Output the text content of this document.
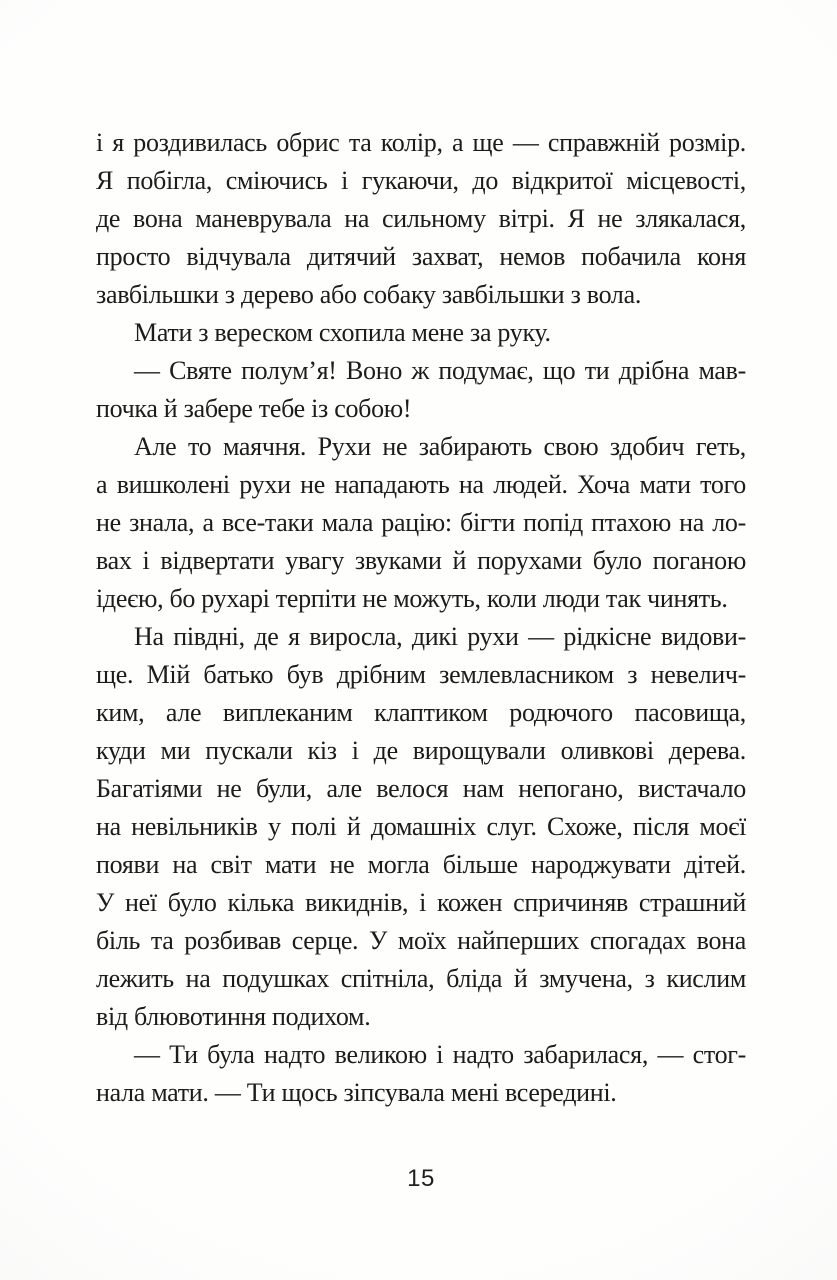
і я роздивилась обрис та колір, а ще — справжній розмір.
Я побігла, сміючись і гукаючи, до відкритої місцевості,
де вона маневрувала на сильному вітрі. Я не злякалася,
просто відчувала дитячий захват, немов побачила коня
завбільшки з дерево або собаку завбільшки з вола.
Мати з вереском схопила мене за руку.
— Святе полум’я! Воно ж подумає, що ти дрібна мав-
почка й забере тебе із собою!
Але то маячня. Рухи не забирають свою здобич геть,
а вишколені рухи не нападають на людей. Хоча мати того
не знала, а все-таки мала рацію: бігти попід птахою на ло-
вах і відвертати увагу звуками й порухами було поганою
ідеєю, бо рухарі терпіти не можуть, коли люди так чинять.
На півдні, де я виросла, дикі рухи — рідкісне видови-
ще. Мій батько був дрібним землевласником з невелич-
ким, але виплеканим клаптиком родючого пасовища,
куди ми пускали кіз і де вирощували оливкові дерева.
Багатіями не були, але велося нам непогано, вистачало
на невільників у полі й домашніх слуг. Схоже, після моєї
появи на світ мати не могла більше народжувати дітей.
У неї було кілька викиднів, і кожен спричиняв страшний
біль та розбивав серце. У моїх найперших спогадах вона
лежить на подушках спітніла, бліда й змучена, з кислим
від блювотиння подихом.
— Ти була надто великою і надто забарилася, — стог-
нала мати. — Ти щось зіпсувала мені всередині.
15
